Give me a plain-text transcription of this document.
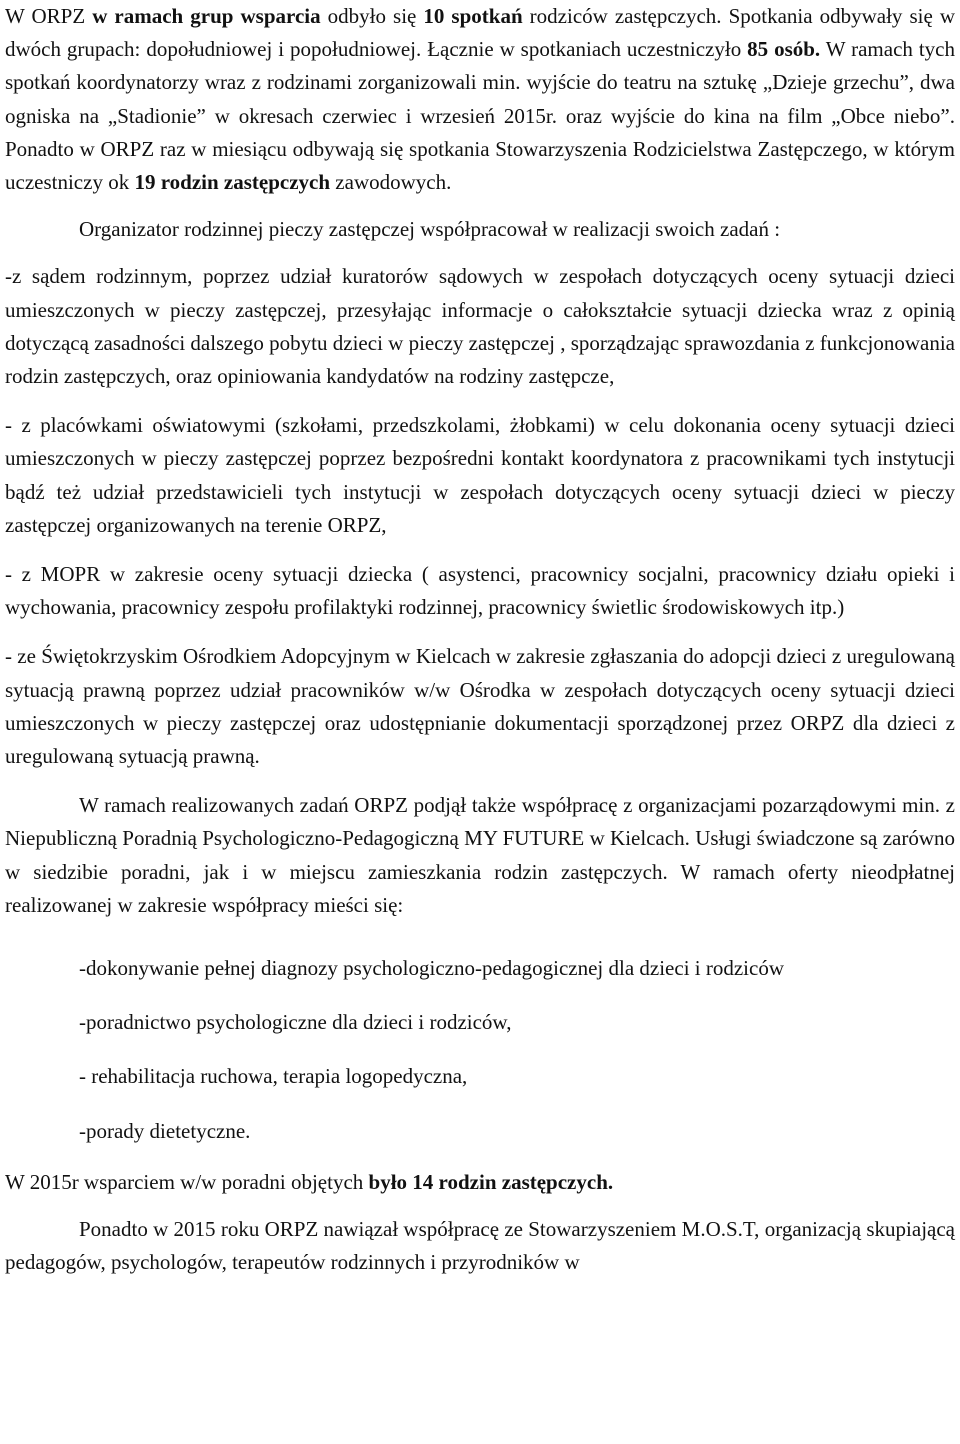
W ORPZ w ramach grup wsparcia odbyło się 10 spotkań rodziców zastępczych. Spotkania odbywały się w dwóch grupach: dopołudniowej i popołudniowej. Łącznie w spotkaniach uczestniczyło 85 osób. W ramach tych spotkań koordynatorzy wraz z rodzinami zorganizowali min. wyjście do teatru na sztukę „Dzieje grzechu”, dwa ogniska na „Stadionie” w okresach czerwiec i wrzesień 2015r. oraz wyjście do kina na film „Obce niebo”. Ponadto w ORPZ raz w miesiącu odbywają się spotkania Stowarzyszenia Rodzicielstwa Zastępczego, w którym uczestniczy ok 19 rodzin zastępczych zawodowych.

Organizator rodzinnej pieczy zastępczej współpracował w realizacji swoich zadań :

-z sądem rodzinnym, poprzez udział kuratorów sądowych w zespołach dotyczących oceny sytuacji dzieci umieszczonych w pieczy zastępczej, przesyłając informacje o całokształcie sytuacji dziecka wraz z opinią dotyczącą zasadności dalszego pobytu dzieci w pieczy zastępczej , sporządzając sprawozdania z funkcjonowania rodzin zastępczych, oraz opiniowania kandydatów na rodziny zastępcze,

- z placówkami oświatowymi (szkołami, przedszkolami, żłobkami) w celu dokonania oceny sytuacji dzieci umieszczonych w pieczy zastępczej poprzez bezpośredni kontakt koordynatora z pracownikami tych instytucji bądź też udział przedstawicieli tych instytucji w zespołach dotyczących oceny sytuacji dzieci w pieczy zastępczej organizowanych na terenie ORPZ,

- z MOPR w zakresie oceny sytuacji dziecka ( asystenci, pracownicy socjalni, pracownicy działu opieki i wychowania, pracownicy zespołu profilaktyki rodzinnej, pracownicy świetlic środowiskowych itp.)

- ze Świętokrzyskim Ośrodkiem Adopcyjnym w Kielcach w zakresie zgłaszania do adopcji dzieci z uregulowaną sytuacją prawną poprzez udział pracowników w/w Ośrodka w zespołach dotyczących oceny sytuacji dzieci umieszczonych w pieczy zastępczej oraz udostępnianie dokumentacji sporządzonej przez ORPZ dla dzieci z uregulowaną sytuacją prawną.

W ramach realizowanych zadań ORPZ podjął także współpracę z organizacjami pozarządowymi min. z Niepubliczną Poradnią Psychologiczno-Pedagogiczną MY FUTURE w Kielcach. Usługi świadczone są zarówno w siedzibie poradni, jak i w miejscu zamieszkania rodzin zastępczych. W ramach oferty nieodpłatnej realizowanej w zakresie współpracy mieści się:

-dokonywanie pełnej diagnozy psychologiczno-pedagogicznej dla dzieci i rodziców
-poradnictwo psychologiczne dla dzieci i rodziców,
- rehabilitacja ruchowa, terapia logopedyczna,
-porady dietetyczne.

W 2015r wsparciem w/w poradni objętych było 14 rodzin zastępczych.

Ponadto w 2015 roku ORPZ nawiązał współpracę ze Stowarzyszeniem M.O.S.T, organizacją skupiającą pedagogów, psychologów, terapeutów rodzinnych i przyrodników w
